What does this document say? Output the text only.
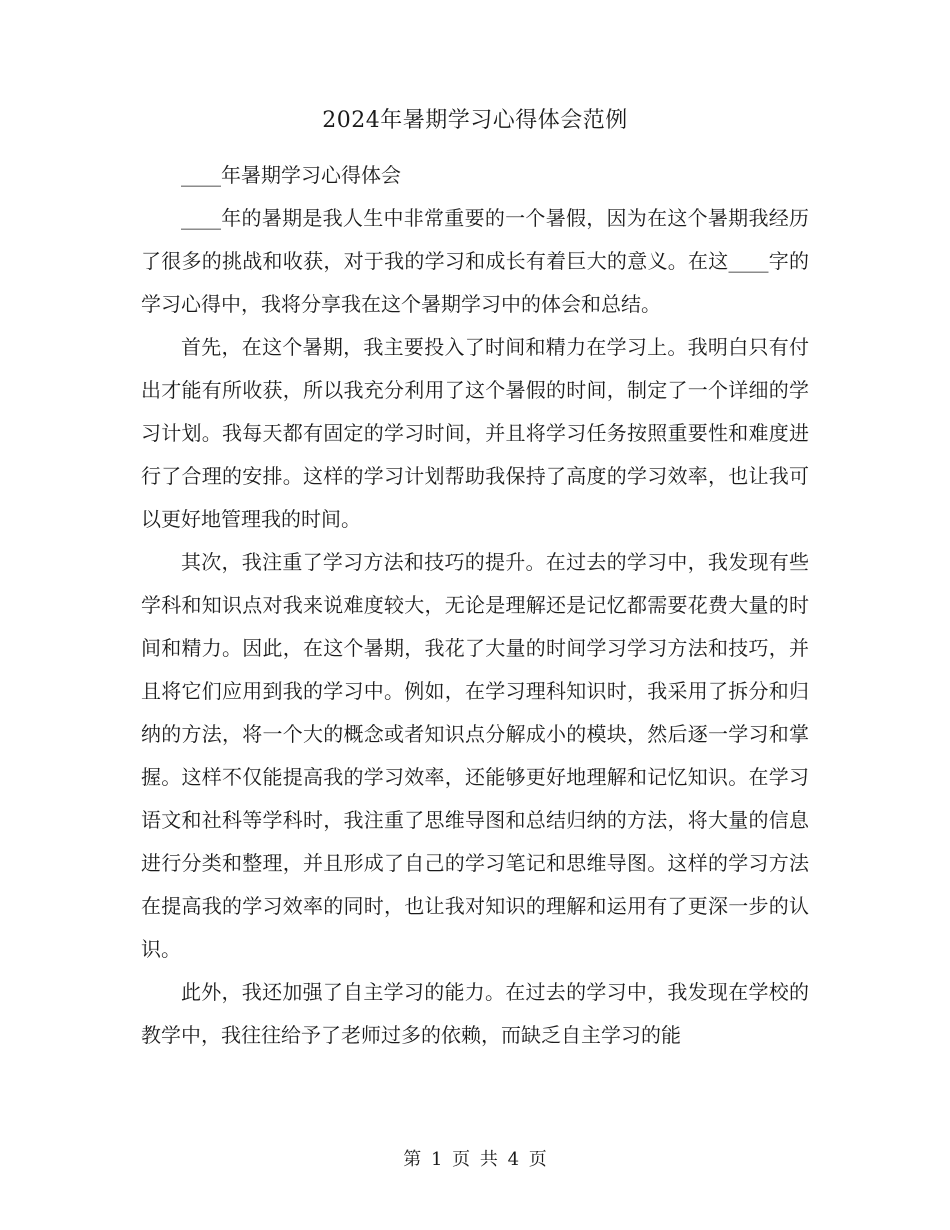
2024年暑期学习心得体会范例

____年暑期学习心得体会

____年的暑期是我人生中非常重要的一个暑假，因为在这个暑期我经历了很多的挑战和收获，对于我的学习和成长有着巨大的意义。在这____字的学习心得中，我将分享我在这个暑期学习中的体会和总结。

首先，在这个暑期，我主要投入了时间和精力在学习上。我明白只有付出才能有所收获，所以我充分利用了这个暑假的时间，制定了一个详细的学习计划。我每天都有固定的学习时间，并且将学习任务按照重要性和难度进行了合理的安排。这样的学习计划帮助我保持了高度的学习效率，也让我可以更好地管理我的时间。

其次，我注重了学习方法和技巧的提升。在过去的学习中，我发现有些学科和知识点对我来说难度较大，无论是理解还是记忆都需要花费大量的时间和精力。因此，在这个暑期，我花了大量的时间学习学习方法和技巧，并且将它们应用到我的学习中。例如，在学习理科知识时，我采用了拆分和归纳的方法，将一个大的概念或者知识点分解成小的模块，然后逐一学习和掌握。这样不仅能提高我的学习效率，还能够更好地理解和记忆知识。在学习语文和社科等学科时，我注重了思维导图和总结归纳的方法，将大量的信息进行分类和整理，并且形成了自己的学习笔记和思维导图。这样的学习方法在提高我的学习效率的同时，也让我对知识的理解和运用有了更深一步的认识。

此外，我还加强了自主学习的能力。在过去的学习中，我发现在学校的教学中，我往往给予了老师过多的依赖，而缺乏自主学习的能

第 1 页 共 4 页
